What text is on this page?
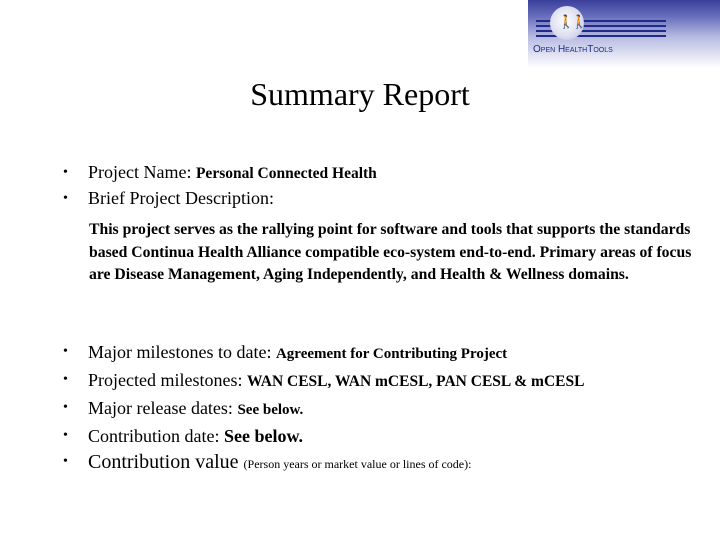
🚶🚶
Open HealthTools
Summary Report
• Project Name: Personal Connected Health
• Brief Project Description:

This project serves as the rallying point for software and tools that supports the standards based Continua Health Alliance compatible eco-system end-to-end. Primary areas of focus are Disease Management, Aging Independently, and Health & Wellness domains.

• Major milestones to date: Agreement for Contributing Project
• Projected milestones: WAN CESL, WAN mCESL, PAN CESL & mCESL
• Major release dates: See below.
• Contribution date: See below.
• Contribution value (Person years or market value or lines of code):
